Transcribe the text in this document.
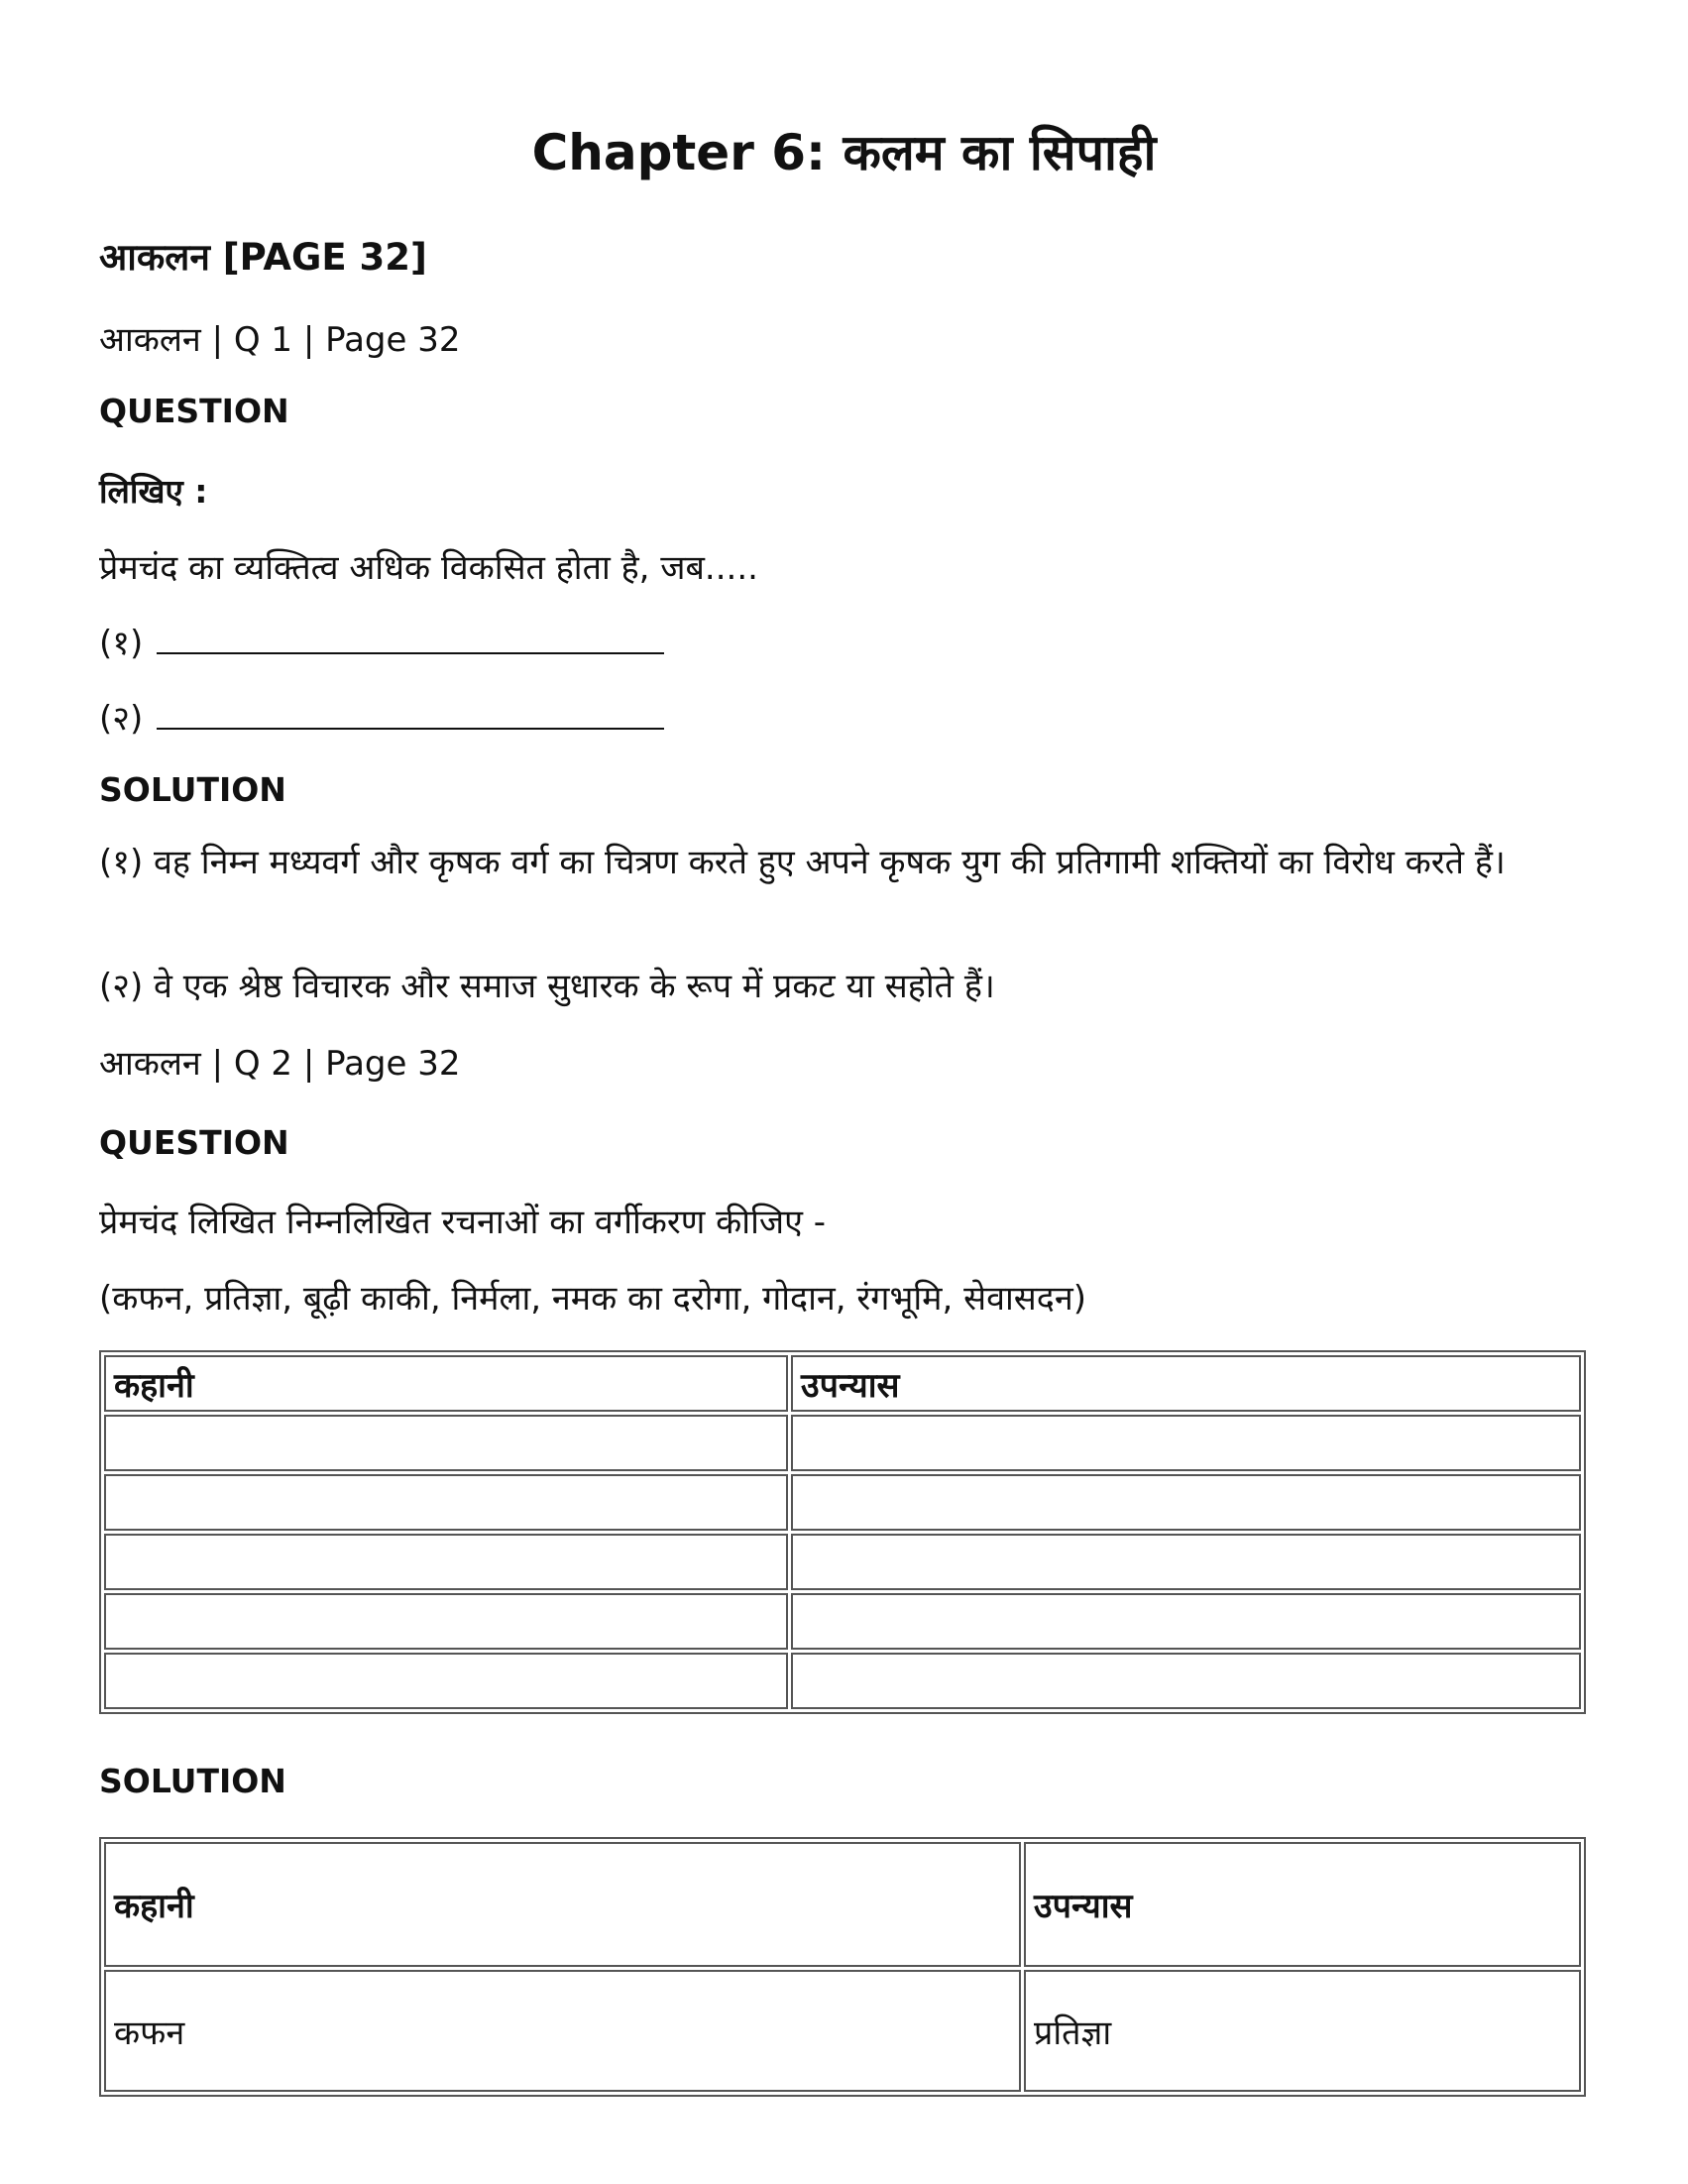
Chapter 6: कलम का सिपाही
आकलन [PAGE 32]
आकलन | Q 1 | Page 32
QUESTION
लिखिए :
प्रेमचंद का व्यक्तित्व अधिक विकसित होता है, जब.....
(१)
(२)
SOLUTION
(१) वह निम्न मध्यवर्ग और कृषक वर्ग का चित्रण करते हुए अपने कृषक युग की प्रतिगामी शक्तियों का विरोध करते हैं।
(२) वे एक श्रेष्ठ विचारक और समाज सुधारक के रूप में प्रकट या सहोते हैं।
आकलन | Q 2 | Page 32
QUESTION
प्रेमचंद लिखित निम्नलिखित रचनाओं का वर्गीकरण कीजिए -
(कफन, प्रतिज्ञा, बूढ़ी काकी, निर्मला, नमक का दरोगा, गोदान, रंगभूमि, सेवासदन)
कहानी	उपन्यास

SOLUTION
कहानी	उपन्यास
कफन	प्रतिज्ञा
